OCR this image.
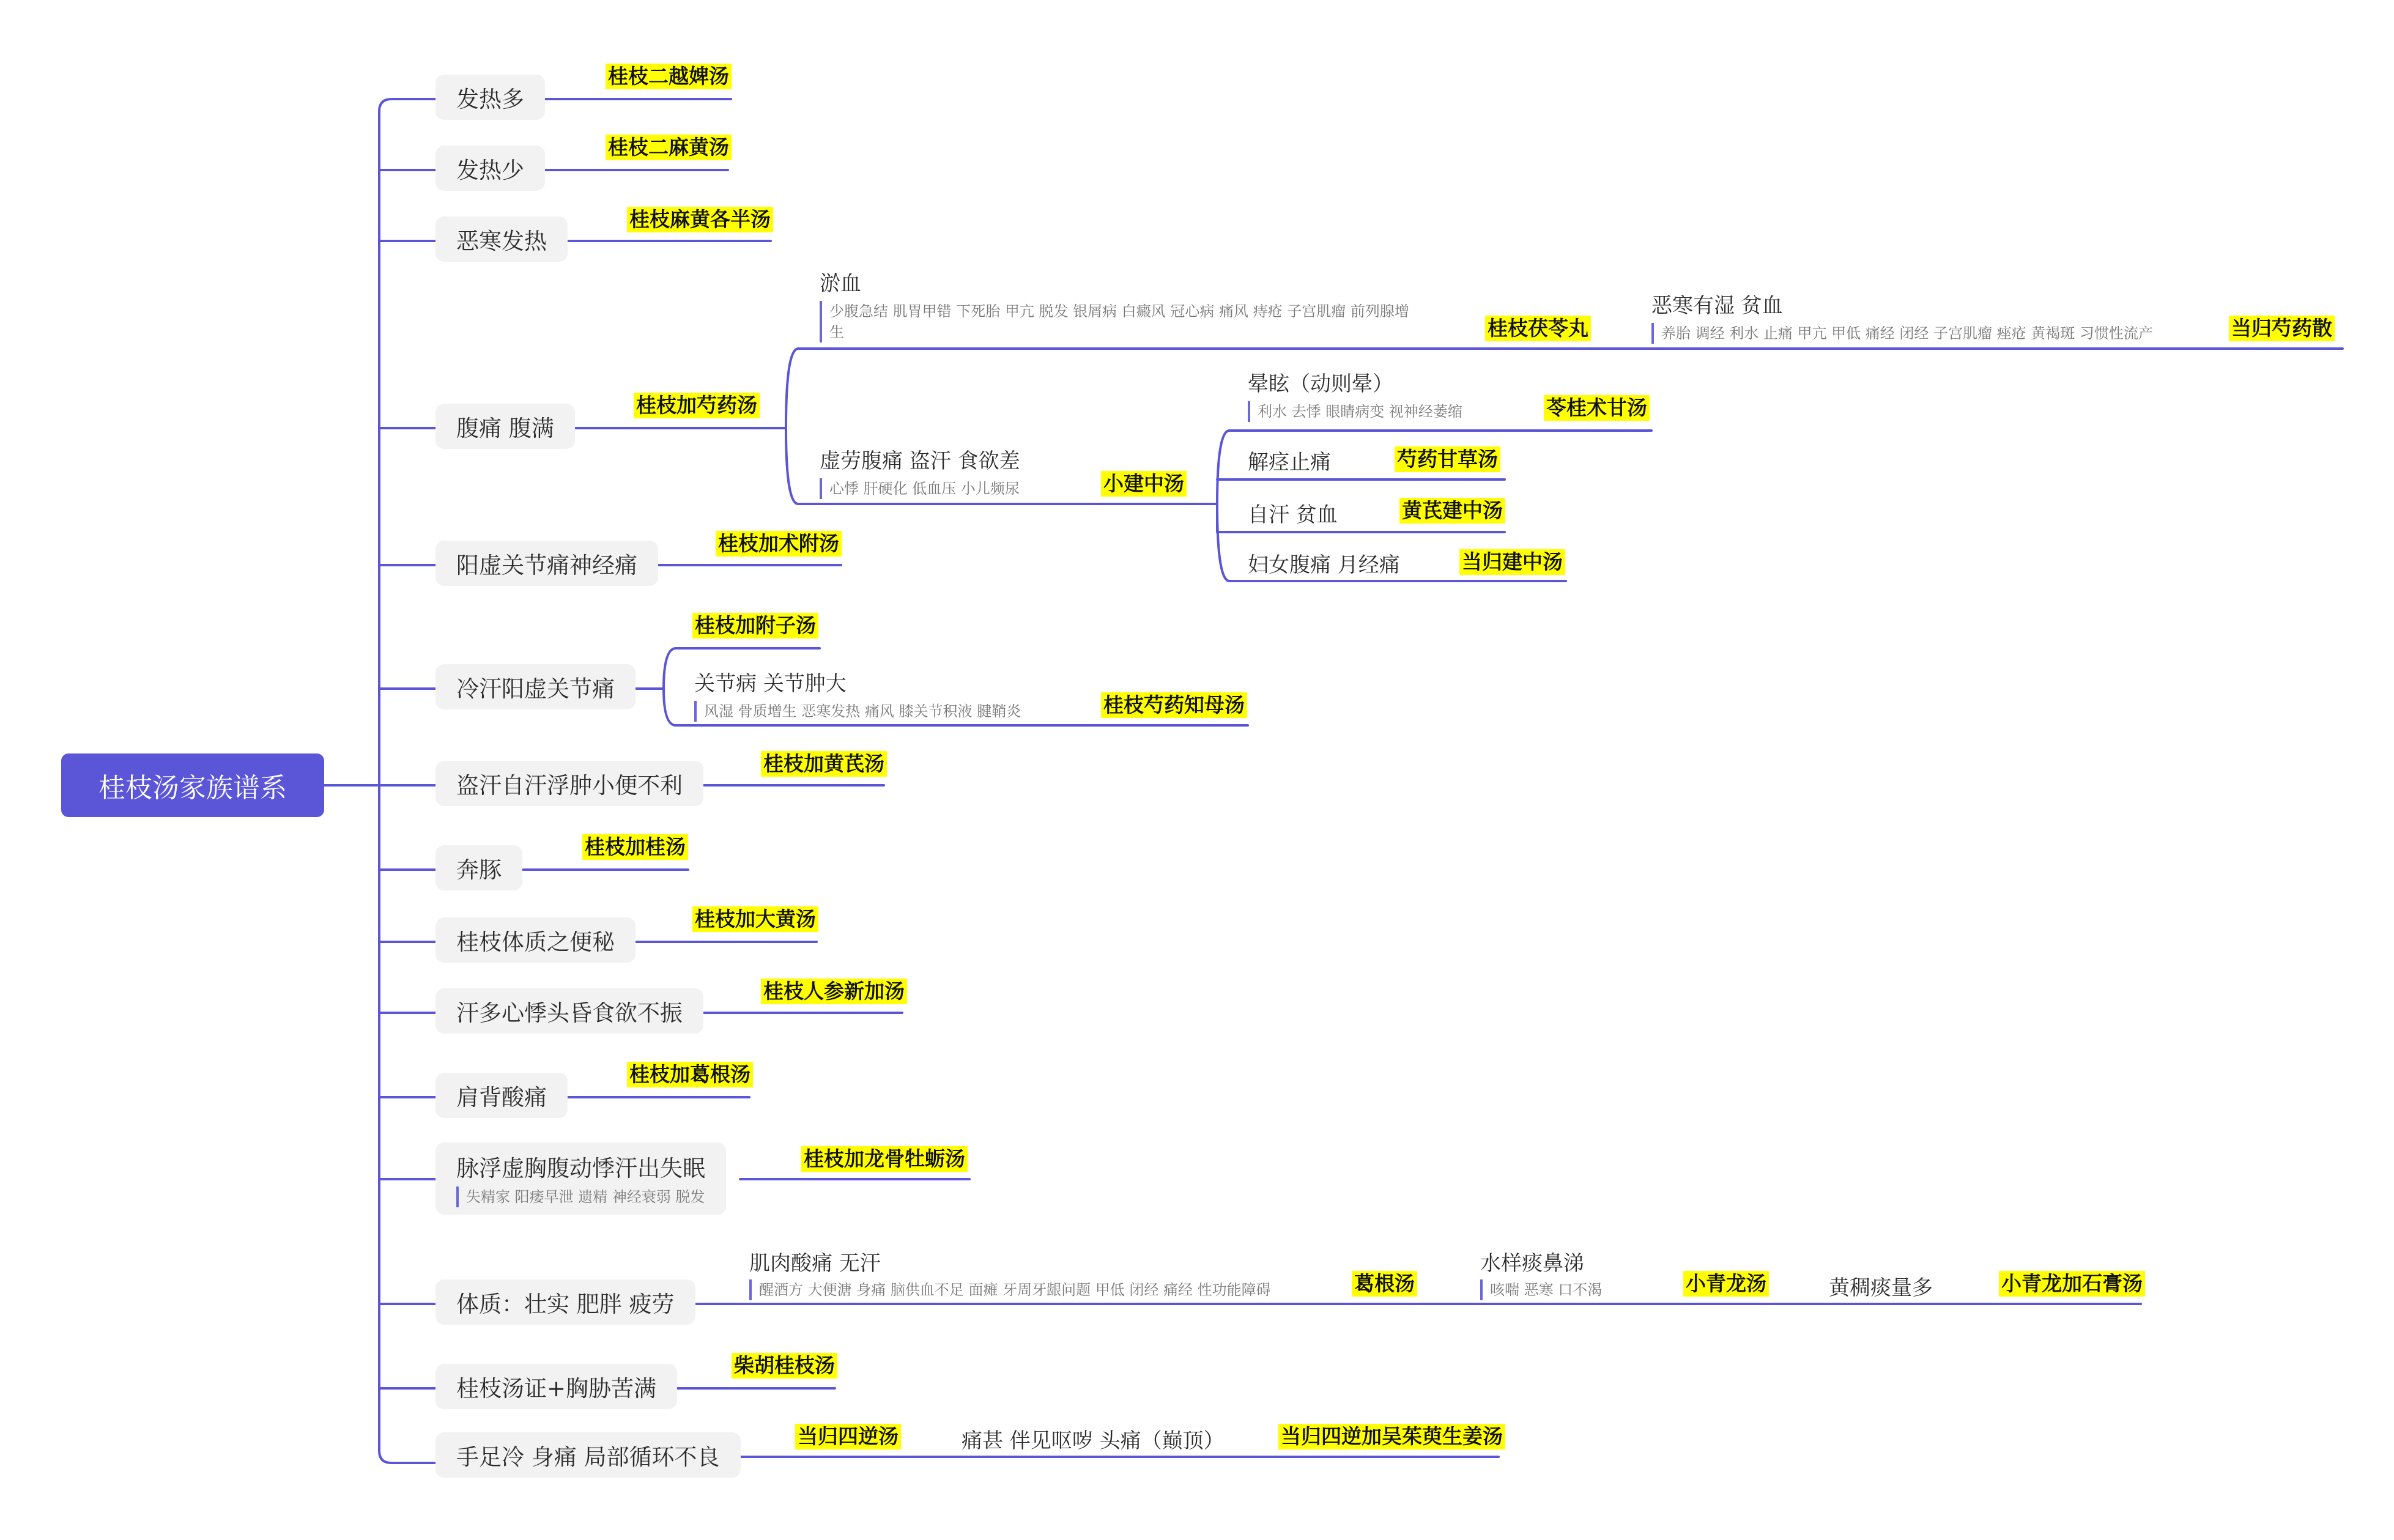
桂枝汤家族谱系
发热多
桂枝二越婢汤
发热少
桂枝二麻黄汤
恶寒发热
桂枝麻黄各半汤
腹痛 腹满
桂枝加芍药汤
淤血
少腹急结 肌胃甲错 下死胎 甲亢 脱发 银屑病 白癜风 冠心病 痛风 痔疮 子宫肌瘤 前列腺增
生	桂枝茯苓丸
恶寒有湿 贫血
养胎 调经 利水 止痛 甲亢 甲低 痛经 闭经 子宫肌瘤 痤疮 黄褐斑 习惯性流产	当归芍药散
虚劳腹痛 盗汗 食欲差
心悸 肝硬化 低血压 小儿频尿	小建中汤
晕眩（动则晕）
利水 去悸 眼睛病变 视神经萎缩	苓桂术甘汤
解痉止痛	芍药甘草汤
自汗 贫血	黄芪建中汤
妇女腹痛 月经痛	当归建中汤
阳虚关节痛神经痛
桂枝加术附汤
冷汗阳虚关节痛
桂枝加附子汤
关节病 关节肿大
风湿 骨质增生 恶寒发热 痛风 膝关节积液 腱鞘炎	桂枝芍药知母汤
盗汗自汗浮肿小便不利
桂枝加黄芪汤
奔豚
桂枝加桂汤
桂枝体质之便秘
桂枝加大黄汤
汗多心悸头昏食欲不振
桂枝人参新加汤
肩背酸痛
桂枝加葛根汤
脉浮虚胸腹动悸汗出失眠
失精家 阳痿早泄 遗精 神经衰弱 脱发
桂枝加龙骨牡蛎汤
体质：壮实 肥胖 疲劳
肌肉酸痛 无汗
醒酒方 大便溏 身痛 脑供血不足 面瘫 牙周牙龈问题 甲低 闭经 痛经 性功能障碍	葛根汤
水样痰鼻涕
咳喘 恶寒 口不渴	小青龙汤	黄稠痰量多	小青龙加石膏汤
桂枝汤证+胸胁苦满
柴胡桂枝汤
手足冷 身痛 局部循环不良
当归四逆汤	痛甚 伴见呕哕 头痛（巅顶）	当归四逆加吴茱萸生姜汤
